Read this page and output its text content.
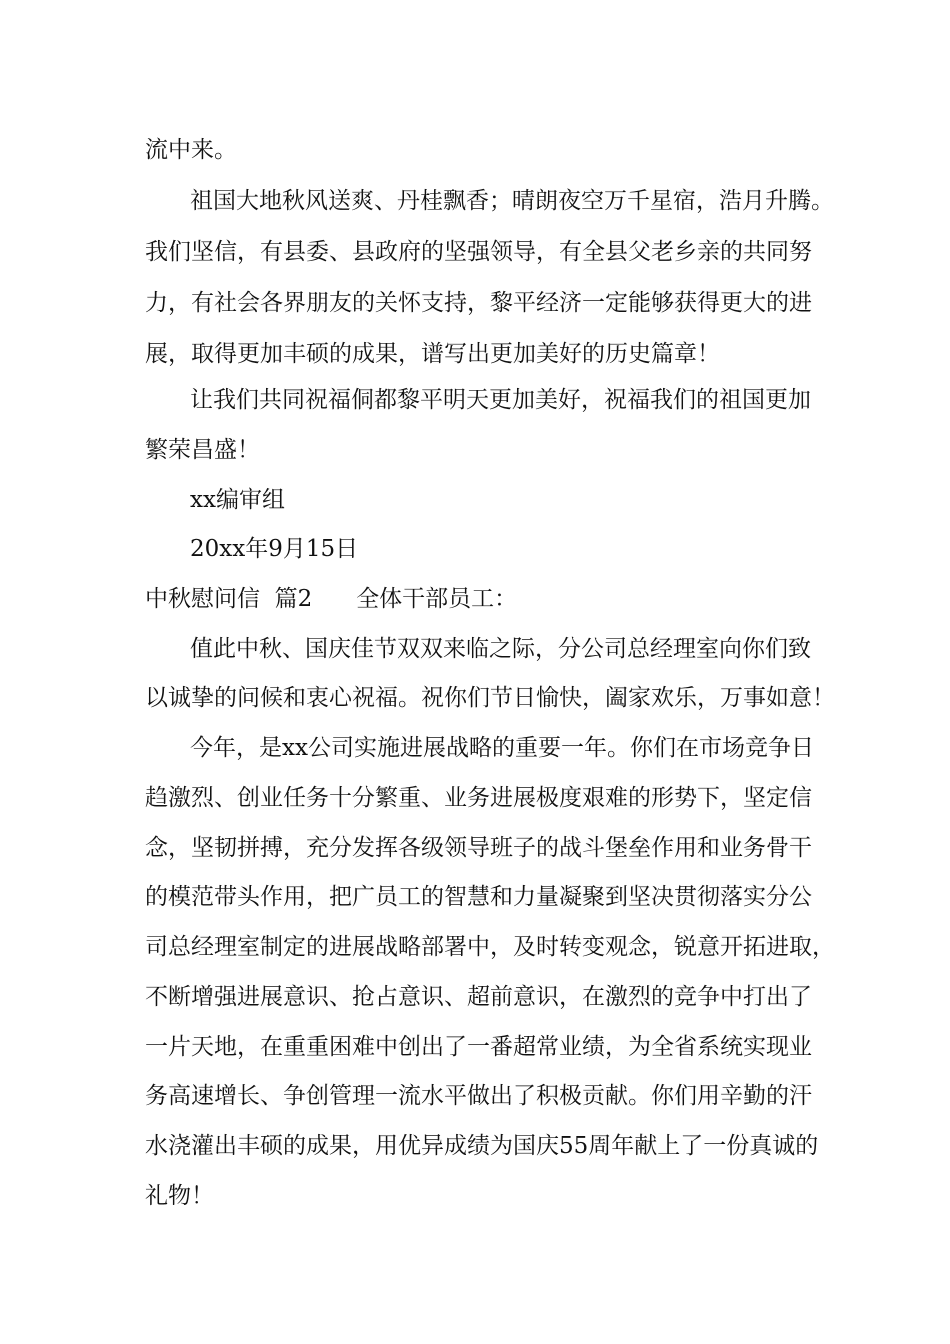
流中来。
祖国大地秋风送爽、丹桂飘香；晴朗夜空万千星宿，浩月升腾。
我们坚信，有县委、县政府的坚强领导，有全县父老乡亲的共同努
力，有社会各界朋友的关怀支持，黎平经济一定能够获得更大的进
展，取得更加丰硕的成果，谱写出更加美好的历史篇章！
让我们共同祝福侗都黎平明天更加美好，祝福我们的祖国更加
繁荣昌盛！
xx编审组
20xx年9月15日
中秋慰问信  篇2      全体干部员工：
值此中秋、国庆佳节双双来临之际，分公司总经理室向你们致
以诚挚的问候和衷心祝福。祝你们节日愉快，阖家欢乐，万事如意！
今年，是xx公司实施进展战略的重要一年。你们在市场竞争日
趋激烈、创业任务十分繁重、业务进展极度艰难的形势下，坚定信
念，坚韧拼搏，充分发挥各级领导班子的战斗堡垒作用和业务骨干
的模范带头作用，把广员工的智慧和力量凝聚到坚决贯彻落实分公
司总经理室制定的进展战略部署中，及时转变观念，锐意开拓进取，
不断增强进展意识、抢占意识、超前意识，在激烈的竞争中打出了
一片天地，在重重困难中创出了一番超常业绩，为全省系统实现业
务高速增长、争创管理一流水平做出了积极贡献。你们用辛勤的汗
水浇灌出丰硕的成果，用优异成绩为国庆55周年献上了一份真诚的
礼物！
